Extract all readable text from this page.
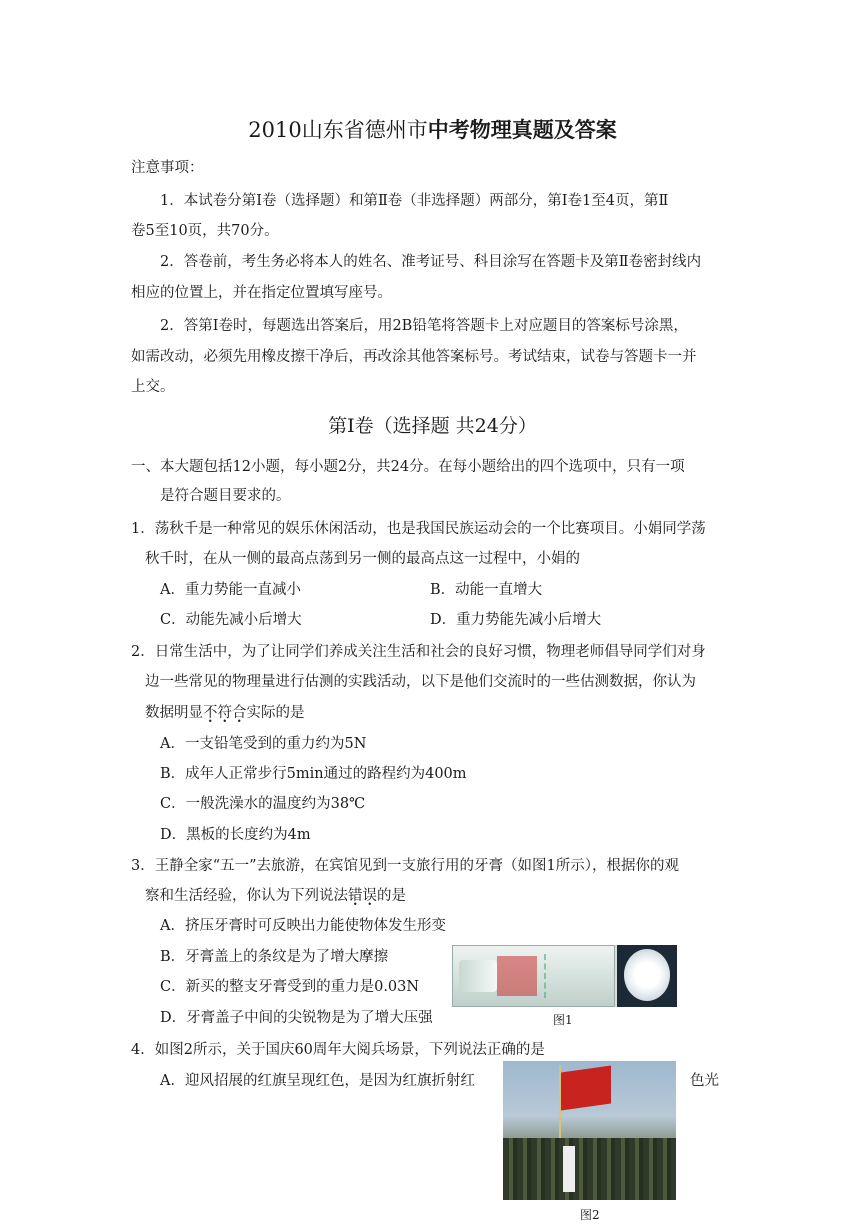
2010山东省德州市中考物理真题及答案
注意事项：
1．本试卷分第Ⅰ卷（选择题）和第Ⅱ卷（非选择题）两部分，第Ⅰ卷1至4页，第Ⅱ
卷5至10页，共70分。
2．答卷前，考生务必将本人的姓名、准考证号、科目涂写在答题卡及第Ⅱ卷密封线内
相应的位置上，并在指定位置填写座号。
2．答第Ⅰ卷时，每题选出答案后，用2B铅笔将答题卡上对应题目的答案标号涂黑，
如需改动，必须先用橡皮擦干净后，再改涂其他答案标号。考试结束，试卷与答题卡一并
上交。
第Ⅰ卷（选择题 共24分）
一、本大题包括12小题，每小题2分，共24分。在每小题给出的四个选项中，只有一项
是符合题目要求的。
1．荡秋千是一种常见的娱乐休闲活动，也是我国民族运动会的一个比赛项目。小娟同学荡
秋千时，在从一侧的最高点荡到另一侧的最高点这一过程中，小娟的
A．重力势能一直减小	B．动能一直增大
C．动能先减小后增大	D．重力势能先减小后增大
2．日常生活中，为了让同学们养成关注生活和社会的良好习惯，物理老师倡导同学们对身
边一些常见的物理量进行估测的实践活动，以下是他们交流时的一些估测数据，你认为
数据明显不符合实际的是
A．一支铅笔受到的重力约为5N
B．成年人正常步行5min通过的路程约为400m
C．一般洗澡水的温度约为38℃
D．黑板的长度约为4m
3．王静全家“五一”去旅游，在宾馆见到一支旅行用的牙膏（如图1所示），根据你的观
察和生活经验，你认为下列说法错误的是
A．挤压牙膏时可反映出力能使物体发生形变
B．牙膏盖上的条纹是为了增大摩擦
C．新买的整支牙膏受到的重力是0.03N
D．牙膏盖子中间的尖锐物是为了增大压强	图1
4．如图2所示，关于国庆60周年大阅兵场景，下列说法正确的是
A．迎风招展的红旗呈现红色，是因为红旗折射红	色光
图2
